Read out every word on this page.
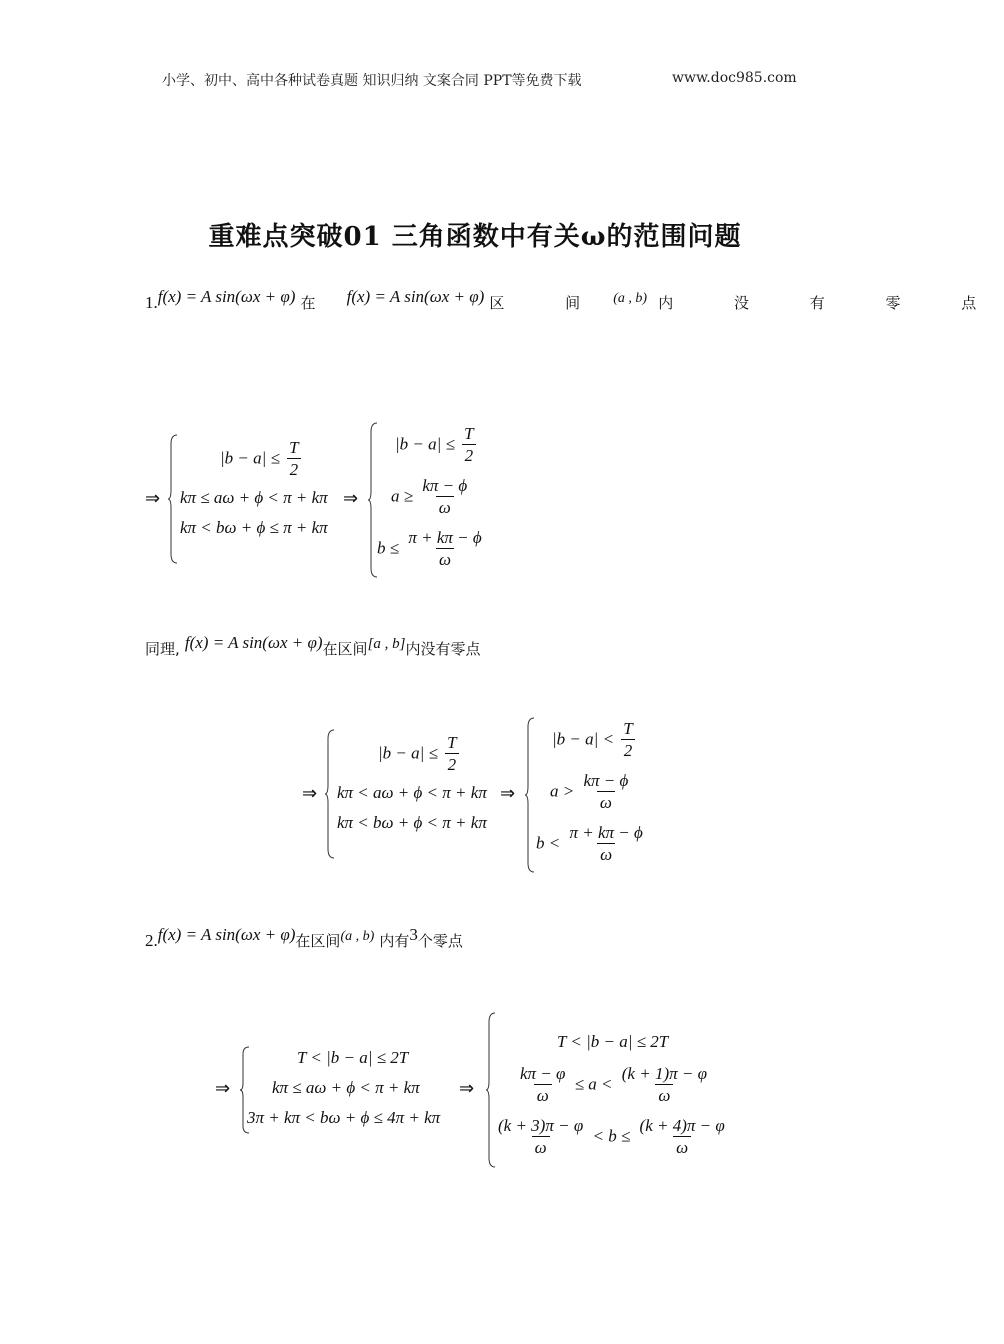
小学、初中、高中各种试卷真题 知识归纳 文案合同 PPT等免费下载	www.doc985.com
重难点突破01 三角函数中有关ω的范围问题
1.f(x) = A sin(ωx + φ) 在 f(x) = A sin(ωx + φ) 区 间 (a , b) 内 没 有 零 点
⇒
$|b - a| \le \frac{T}{2}$
kπ ≤ aω + ϕ < π + kπ
kπ < bω + ϕ ≤ π + kπ
⇒
$|b - a| \le \frac{T}{2}$
$a \ge \frac{k\pi - \phi}{\omega}$
$b \le \frac{\pi + k\pi - \phi}{\omega}$
同理, f(x) = A sin(ωx + φ)在区间[a , b]内没有零点
⇒
$|b - a| \le \frac{T}{2}$
kπ < aω + ϕ < π + kπ
kπ < bω + ϕ < π + kπ
⇒
$|b - a| < \frac{T}{2}$
$a > \frac{k\pi - \phi}{\omega}$
$b < \frac{\pi + k\pi - \phi}{\omega}$
2.f(x) = A sin(ωx + φ)在区间(a , b) 内有3个零点
⇒
T < |b − a| ≤ 2T
kπ ≤ aω + ϕ < π + kπ
3π + kπ < bω + ϕ ≤ 4π + kπ
⇒
T < |b − a| ≤ 2T
$\frac{k\pi - \varphi}{\omega} \le a < \frac{(k + 1)\pi - \varphi}{\omega}$
$\frac{(k + 3)\pi - \varphi}{\omega} < b \le \frac{(k + 4)\pi - \varphi}{\omega}$
